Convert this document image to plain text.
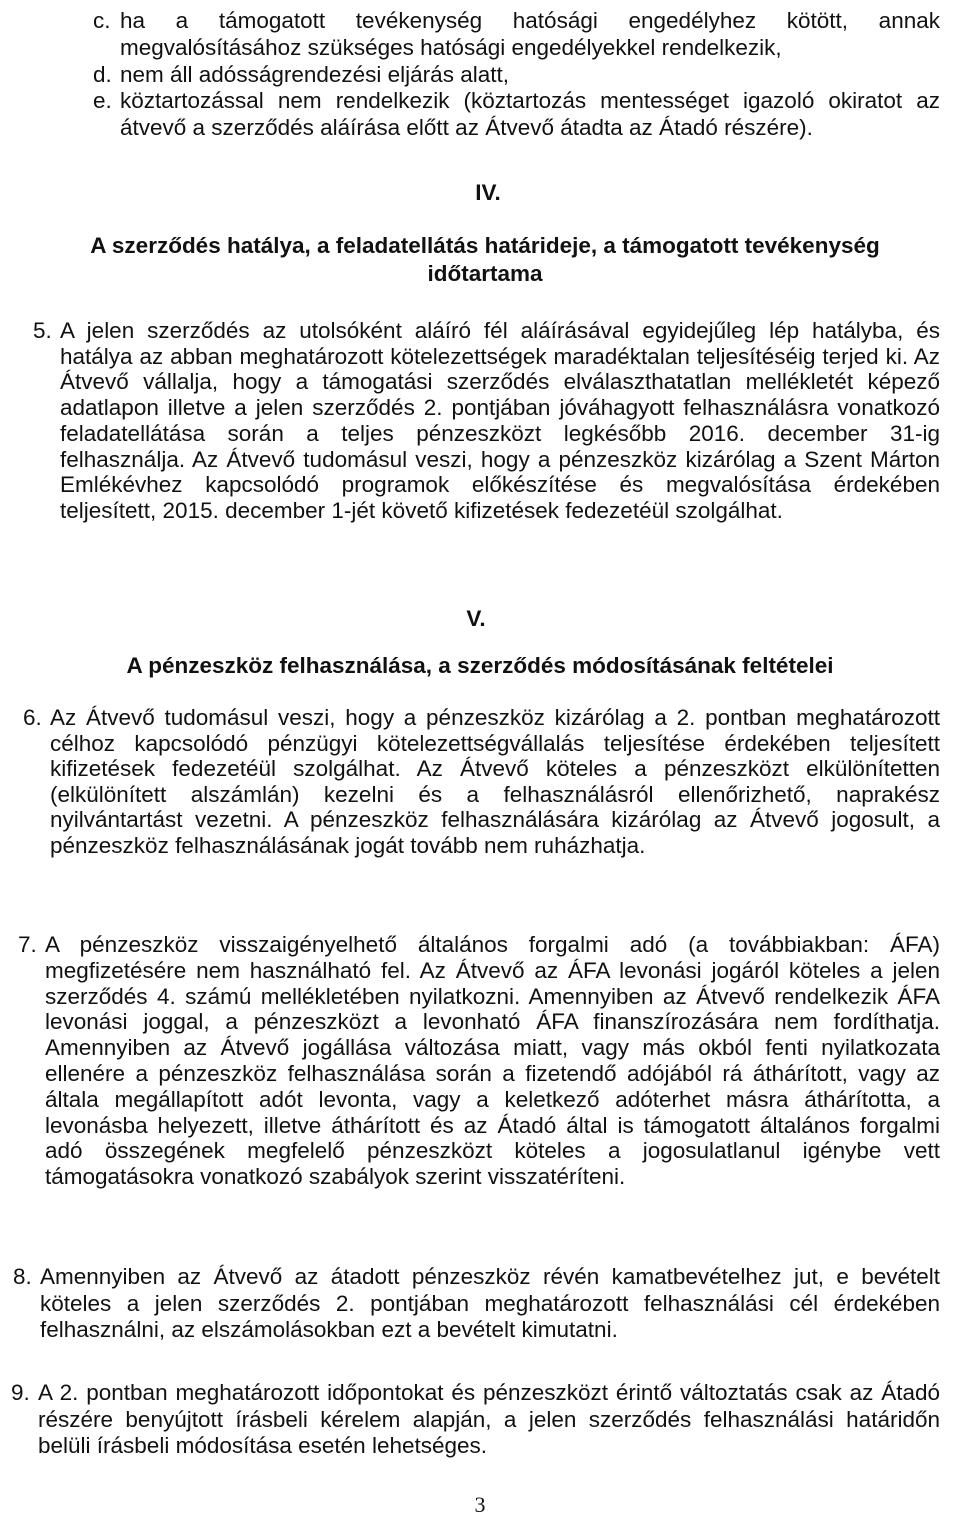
c. ha a támogatott tevékenység hatósági engedélyhez kötött, annak megvalósításához szükséges hatósági engedélyekkel rendelkezik,
d. nem áll adósságrendezési eljárás alatt,
e. köztartozással nem rendelkezik (köztartozás mentességet igazoló okiratot az átvevő a szerződés aláírása előtt az Átvevő átadta az Átadó részére).
IV.
A szerződés hatálya, a feladatellátás határideje, a támogatott tevékenység időtartama
5. A jelen szerződés az utolsóként aláíró fél aláírásával egyidejűleg lép hatályba, és hatálya az abban meghatározott kötelezettségek maradéktalan teljesítéséig terjed ki. Az Átvevő vállalja, hogy a támogatási szerződés elválaszthatatlan mellékletét képező adatlapon illetve a jelen szerződés 2. pontjában jóváhagyott felhasználásra vonatkozó feladatellátása során a teljes pénzeszközt legkésőbb 2016. december 31-ig felhasználja. Az Átvevő tudomásul veszi, hogy a pénzeszköz kizárólag a Szent Márton Emlékévhez kapcsolódó programok előkészítése és megvalósítása érdekében teljesített, 2015. december 1-jét követő kifizetések fedezetéül szolgálhat.
V.
A pénzeszköz felhasználása, a szerződés módosításának feltételei
6. Az Átvevő tudomásul veszi, hogy a pénzeszköz kizárólag a 2. pontban meghatározott célhoz kapcsolódó pénzügyi kötelezettségvállalás teljesítése érdekében teljesített kifizetések fedezetéül szolgálhat. Az Átvevő köteles a pénzeszközt elkülönítetten (elkülönített alszámlán) kezelni és a felhasználásról ellenőrizhető, naprakész nyilvántartást vezetni. A pénzeszköz felhasználására kizárólag az Átvevő jogosult, a pénzeszköz felhasználásának jogát tovább nem ruházhatja.
7. A pénzeszköz visszaigényelhető általános forgalmi adó (a továbbiakban: ÁFA) megfizetésére nem használható fel. Az Átvevő az ÁFA levonási jogáról köteles a jelen szerződés 4. számú mellékletében nyilatkozni. Amennyiben az Átvevő rendelkezik ÁFA levonási joggal, a pénzeszközt a levonható ÁFA finanszírozására nem fordíthatja. Amennyiben az Átvevő jogállása változása miatt, vagy más okból fenti nyilatkozata ellenére a pénzeszköz felhasználása során a fizetendő adójából rá áthárított, vagy az általa megállapított adót levonta, vagy a keletkező adóterhet másra áthárította, a levonásba helyezett, illetve áthárított és az Átadó által is támogatott általános forgalmi adó összegének megfelelő pénzeszközt köteles a jogosulatlanul igénybe vett támogatásokra vonatkozó szabályok szerint visszatéríteni.
8. Amennyiben az Átvevő az átadott pénzeszköz révén kamatbevételhez jut, e bevételt köteles a jelen szerződés 2. pontjában meghatározott felhasználási cél érdekében felhasználni, az elszámolásokban ezt a bevételt kimutatni.
9. A 2. pontban meghatározott időpontokat és pénzeszközt érintő változtatás csak az Átadó részére benyújtott írásbeli kérelem alapján, a jelen szerződés felhasználási határidőn belüli írásbeli módosítása esetén lehetséges.
3
